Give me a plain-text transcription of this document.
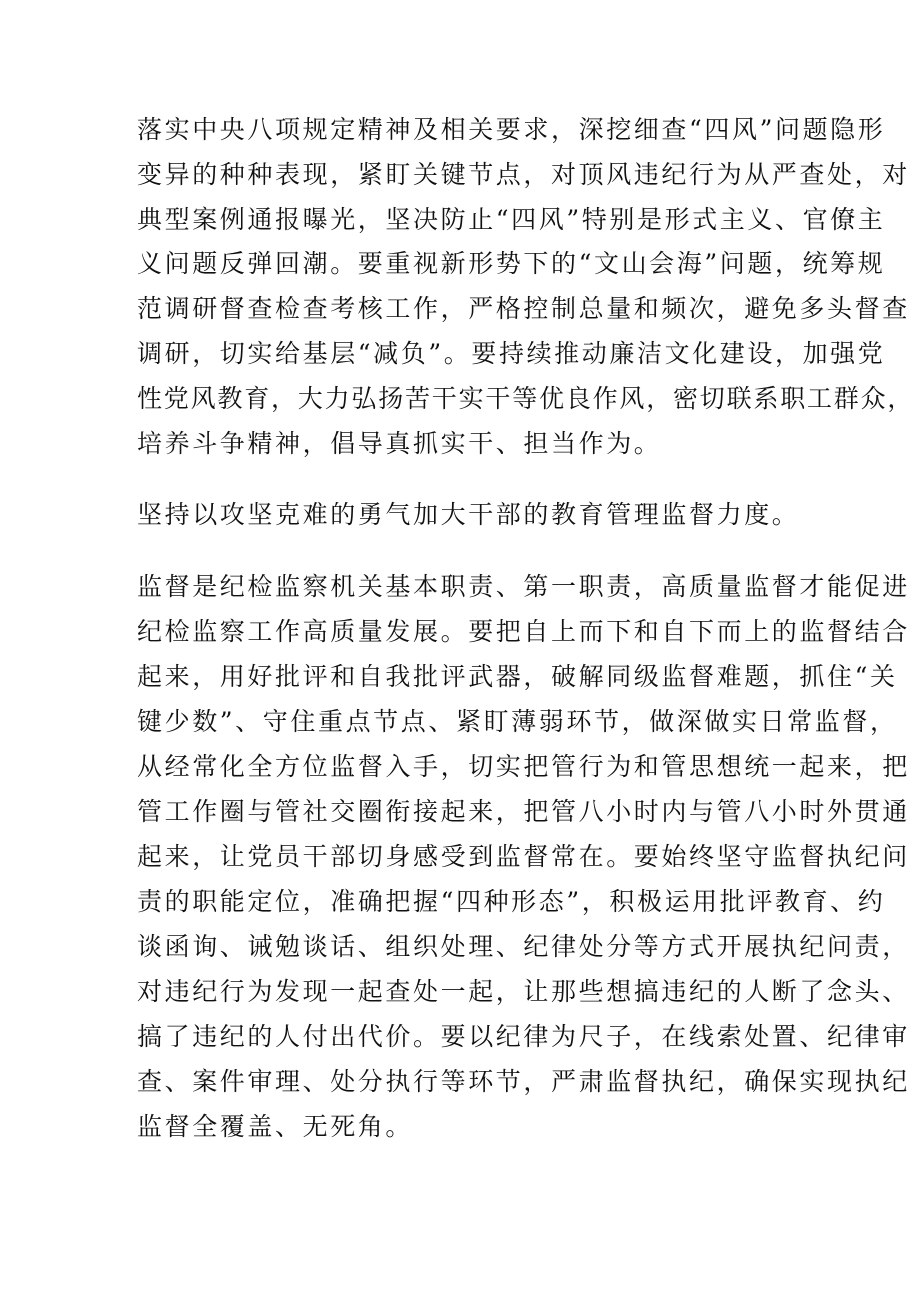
落实中央八项规定精神及相关要求，深挖细查“四风”问题隐形
变异的种种表现，紧盯关键节点，对顶风违纪行为从严查处，对
典型案例通报曝光，坚决防止“四风”特别是形式主义、官僚主
义问题反弹回潮。要重视新形势下的“文山会海”问题，统筹规
范调研督查检查考核工作，严格控制总量和频次，避免多头督查
调研，切实给基层“减负”。要持续推动廉洁文化建设，加强党
性党风教育，大力弘扬苦干实干等优良作风，密切联系职工群众，
培养斗争精神，倡导真抓实干、担当作为。
坚持以攻坚克难的勇气加大干部的教育管理监督力度。
监督是纪检监察机关基本职责、第一职责，高质量监督才能促进
纪检监察工作高质量发展。要把自上而下和自下而上的监督结合
起来，用好批评和自我批评武器，破解同级监督难题，抓住“关
键少数”、守住重点节点、紧盯薄弱环节，做深做实日常监督，
从经常化全方位监督入手，切实把管行为和管思想统一起来，把
管工作圈与管社交圈衔接起来，把管八小时内与管八小时外贯通
起来，让党员干部切身感受到监督常在。要始终坚守监督执纪问
责的职能定位，准确把握“四种形态”，积极运用批评教育、约
谈函询、诫勉谈话、组织处理、纪律处分等方式开展执纪问责，
对违纪行为发现一起查处一起，让那些想搞违纪的人断了念头、
搞了违纪的人付出代价。要以纪律为尺子，在线索处置、纪律审
查、案件审理、处分执行等环节，严肃监督执纪，确保实现执纪
监督全覆盖、无死角。
